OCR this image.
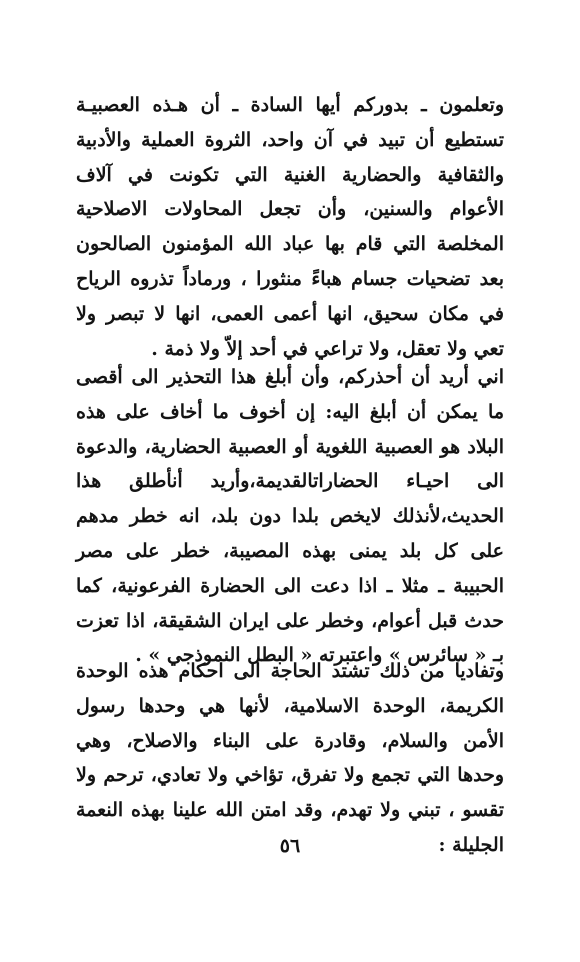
وتعلمون ـ بدوركم أيها السادة ـ أن هـذه العصبيـة تستطيع أن تبيد في آن واحد، الثروة العملية والأدبية والثقافية والحضارية الغنية التي تكونت في آلاف الأعوام والسنين، وأن تجعل المحاولات الاصلاحية المخلصة التي قام بها عباد الله المؤمنون الصالحون بعد تضحيات جسام هباءً منثورا ، ورماداً تذروه الرياح في مكان سحيق، انها أعمى العمى، انها لا تبصر ولا تعي ولا تعقل، ولا تراعي في أحد إلاّ ولا ذمة .
اني أريد أن أحذركم، وأن أبلغ هذا التحذير الى أقصى ما يمكن أن أبلغ اليه: إن أخوف ما أخاف على هذه البلاد هو العصبية اللغوية أو العصبية الحضارية، والدعوة الى احيـاء الحضاراتالقديمة،وأريد أنأطلق هذا الحديث،لأنذلك لايخص بلدا دون بلد، انه خطر مدهم على كل بلد يمنى بهذه المصيبة، خطر على مصر الحبيبة ـ مثلا ـ اذا دعت الى الحضارة الفرعونية، كما حدث قبل أعوام، وخطر على ايران الشقيقة، اذا تعزت بـ « سائرس » واعتبرته « البطل النموذجي » .
وتفاديا من ذلك تشتد الحاجة الى احكام هذه الوحدة الكريمة، الوحدة الاسلامية، لأنها هي وحدها رسول الأمن والسلام، وقادرة على البناء والاصلاح، وهي وحدها التي تجمع ولا تفرق، تؤاخي ولا تعادي، ترحم ولا تقسو ، تبني ولا تهدم، وقد امتن الله علينا بهذه النعمة الجليلة :
٥٦
